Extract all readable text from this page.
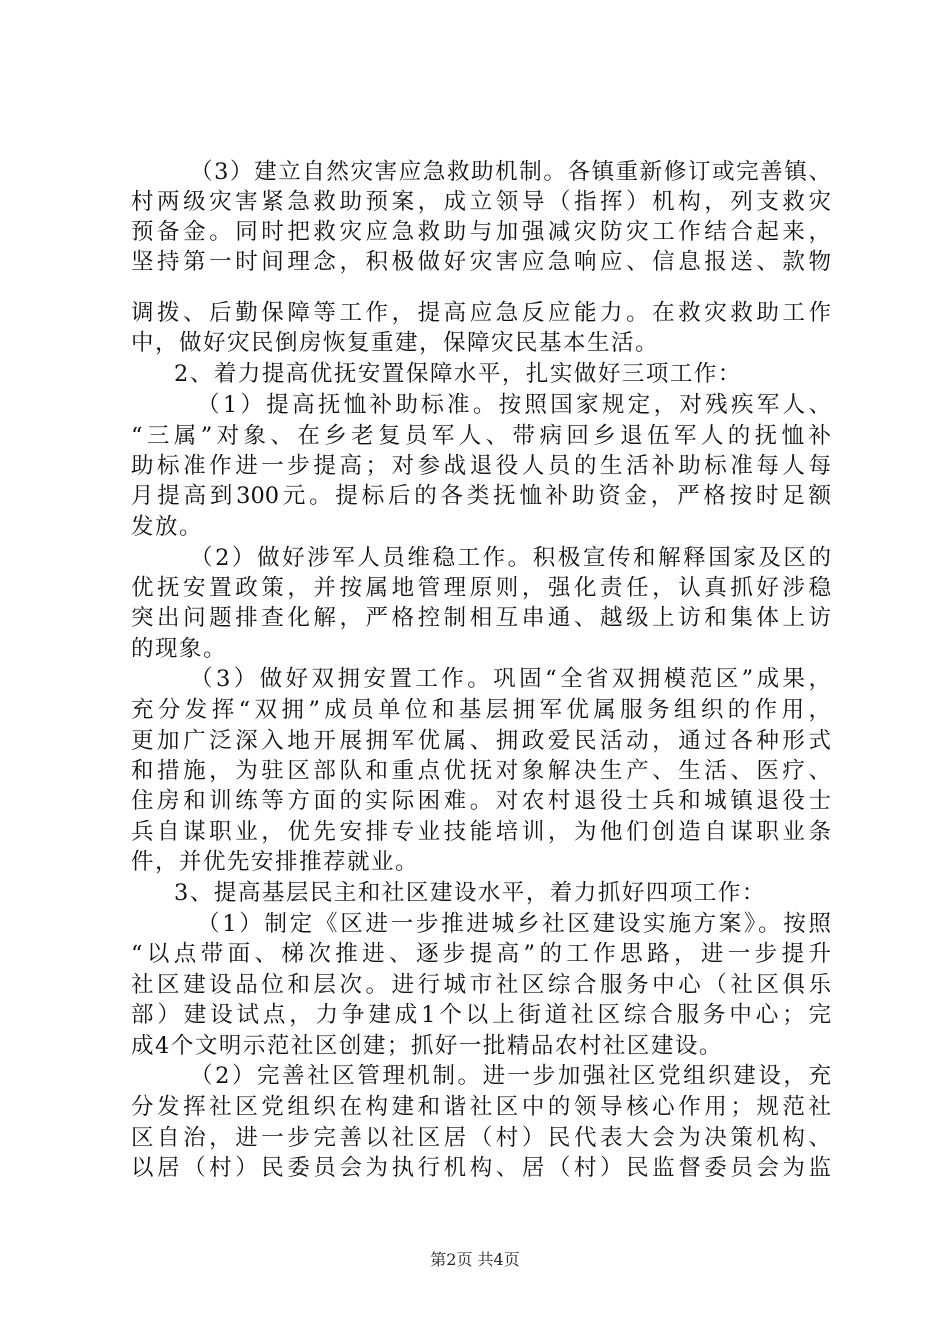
（3）建立自然灾害应急救助机制。各镇重新修订或完善镇、
村两级灾害紧急救助预案，成立领导（指挥）机构，列支救灾
预备金。同时把救灾应急救助与加强减灾防灾工作结合起来，
坚持第一时间理念，积极做好灾害应急响应、信息报送、款物
调拨、后勤保障等工作，提高应急反应能力。在救灾救助工作
中，做好灾民倒房恢复重建，保障灾民基本生活。
2、着力提高优抚安置保障水平，扎实做好三项工作：
（1）提高抚恤补助标准。按照国家规定，对残疾军人、
“三属”对象、在乡老复员军人、带病回乡退伍军人的抚恤补
助标准作进一步提高；对参战退役人员的生活补助标准每人每
月提高到300元。提标后的各类抚恤补助资金，严格按时足额
发放。
（2）做好涉军人员维稳工作。积极宣传和解释国家及区的
优抚安置政策，并按属地管理原则，强化责任，认真抓好涉稳
突出问题排查化解，严格控制相互串通、越级上访和集体上访
的现象。
（3）做好双拥安置工作。巩固“全省双拥模范区”成果，
充分发挥“双拥”成员单位和基层拥军优属服务组织的作用，
更加广泛深入地开展拥军优属、拥政爱民活动，通过各种形式
和措施，为驻区部队和重点优抚对象解决生产、生活、医疗、
住房和训练等方面的实际困难。对农村退役士兵和城镇退役士
兵自谋职业，优先安排专业技能培训，为他们创造自谋职业条
件，并优先安排推荐就业。
3、提高基层民主和社区建设水平，着力抓好四项工作：
（1）制定《区进一步推进城乡社区建设实施方案》。按照
“以点带面、梯次推进、逐步提高”的工作思路，进一步提升
社区建设品位和层次。进行城市社区综合服务中心（社区俱乐
部）建设试点，力争建成1个以上街道社区综合服务中心；完
成4个文明示范社区创建；抓好一批精品农村社区建设。
（2）完善社区管理机制。进一步加强社区党组织建设，充
分发挥社区党组织在构建和谐社区中的领导核心作用；规范社
区自治，进一步完善以社区居（村）民代表大会为决策机构、
以居（村）民委员会为执行机构、居（村）民监督委员会为监
第2页 共4页
